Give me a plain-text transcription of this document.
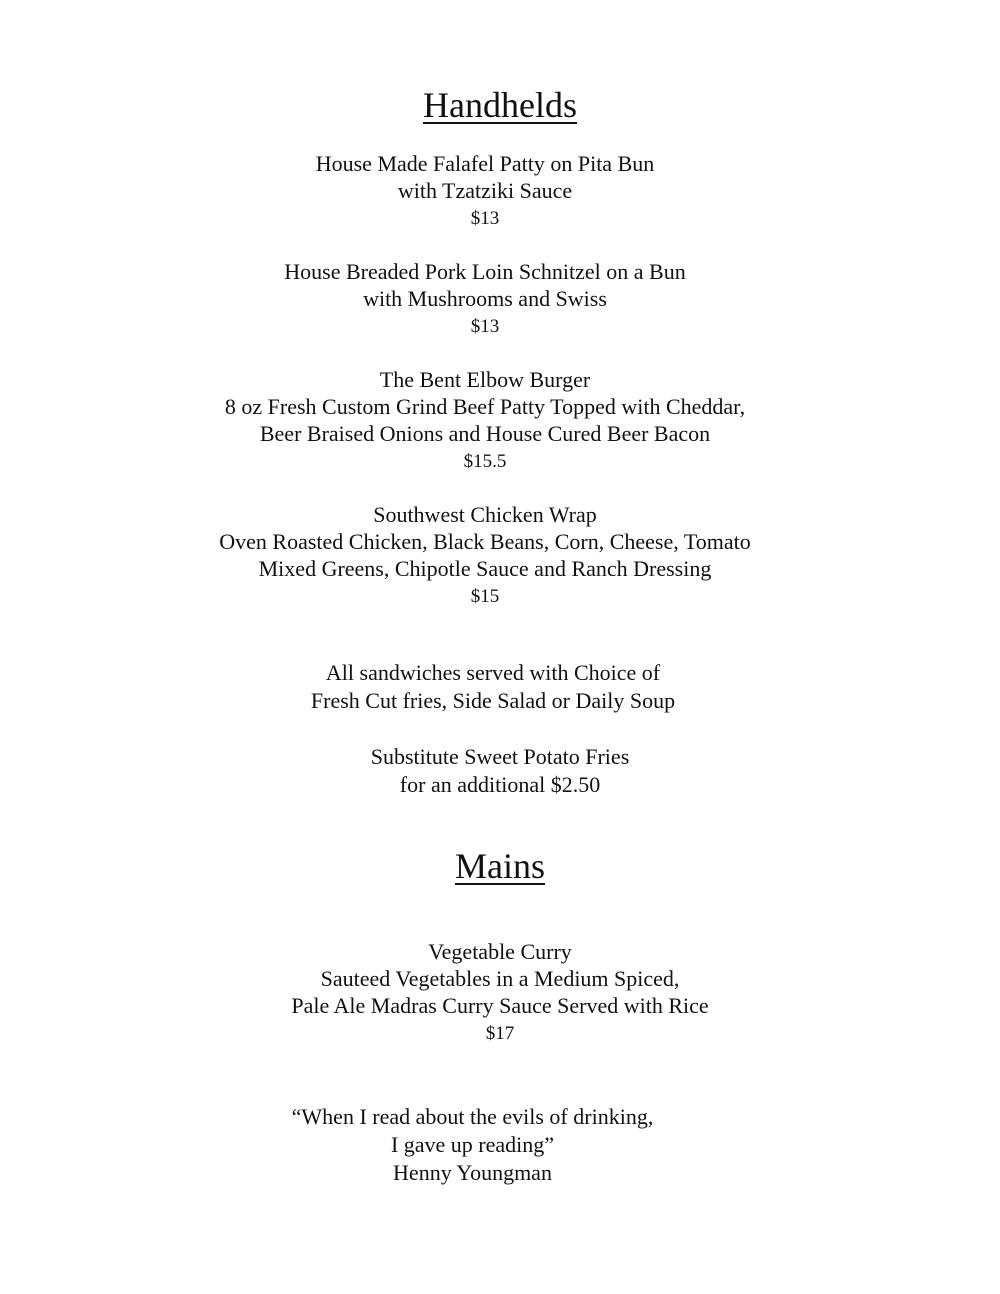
Handhelds
House Made Falafel Patty on Pita Bun
with Tzatziki Sauce
$13
House Breaded Pork Loin Schnitzel on a Bun
with Mushrooms and Swiss
$13
The Bent Elbow Burger
8 oz Fresh Custom Grind Beef Patty Topped with Cheddar,
Beer Braised Onions and House Cured Beer Bacon
$15.5
Southwest Chicken Wrap
Oven Roasted Chicken, Black Beans, Corn, Cheese, Tomato
Mixed Greens, Chipotle Sauce and Ranch Dressing
$15
All sandwiches served with Choice of
Fresh Cut fries, Side Salad or Daily Soup
Substitute Sweet Potato Fries
for an additional $2.50
Mains
Vegetable Curry
Sauteed Vegetables in a Medium Spiced,
Pale Ale Madras Curry Sauce Served with Rice
$17
“When I read about the evils of drinking,
I gave up reading”
Henny Youngman
